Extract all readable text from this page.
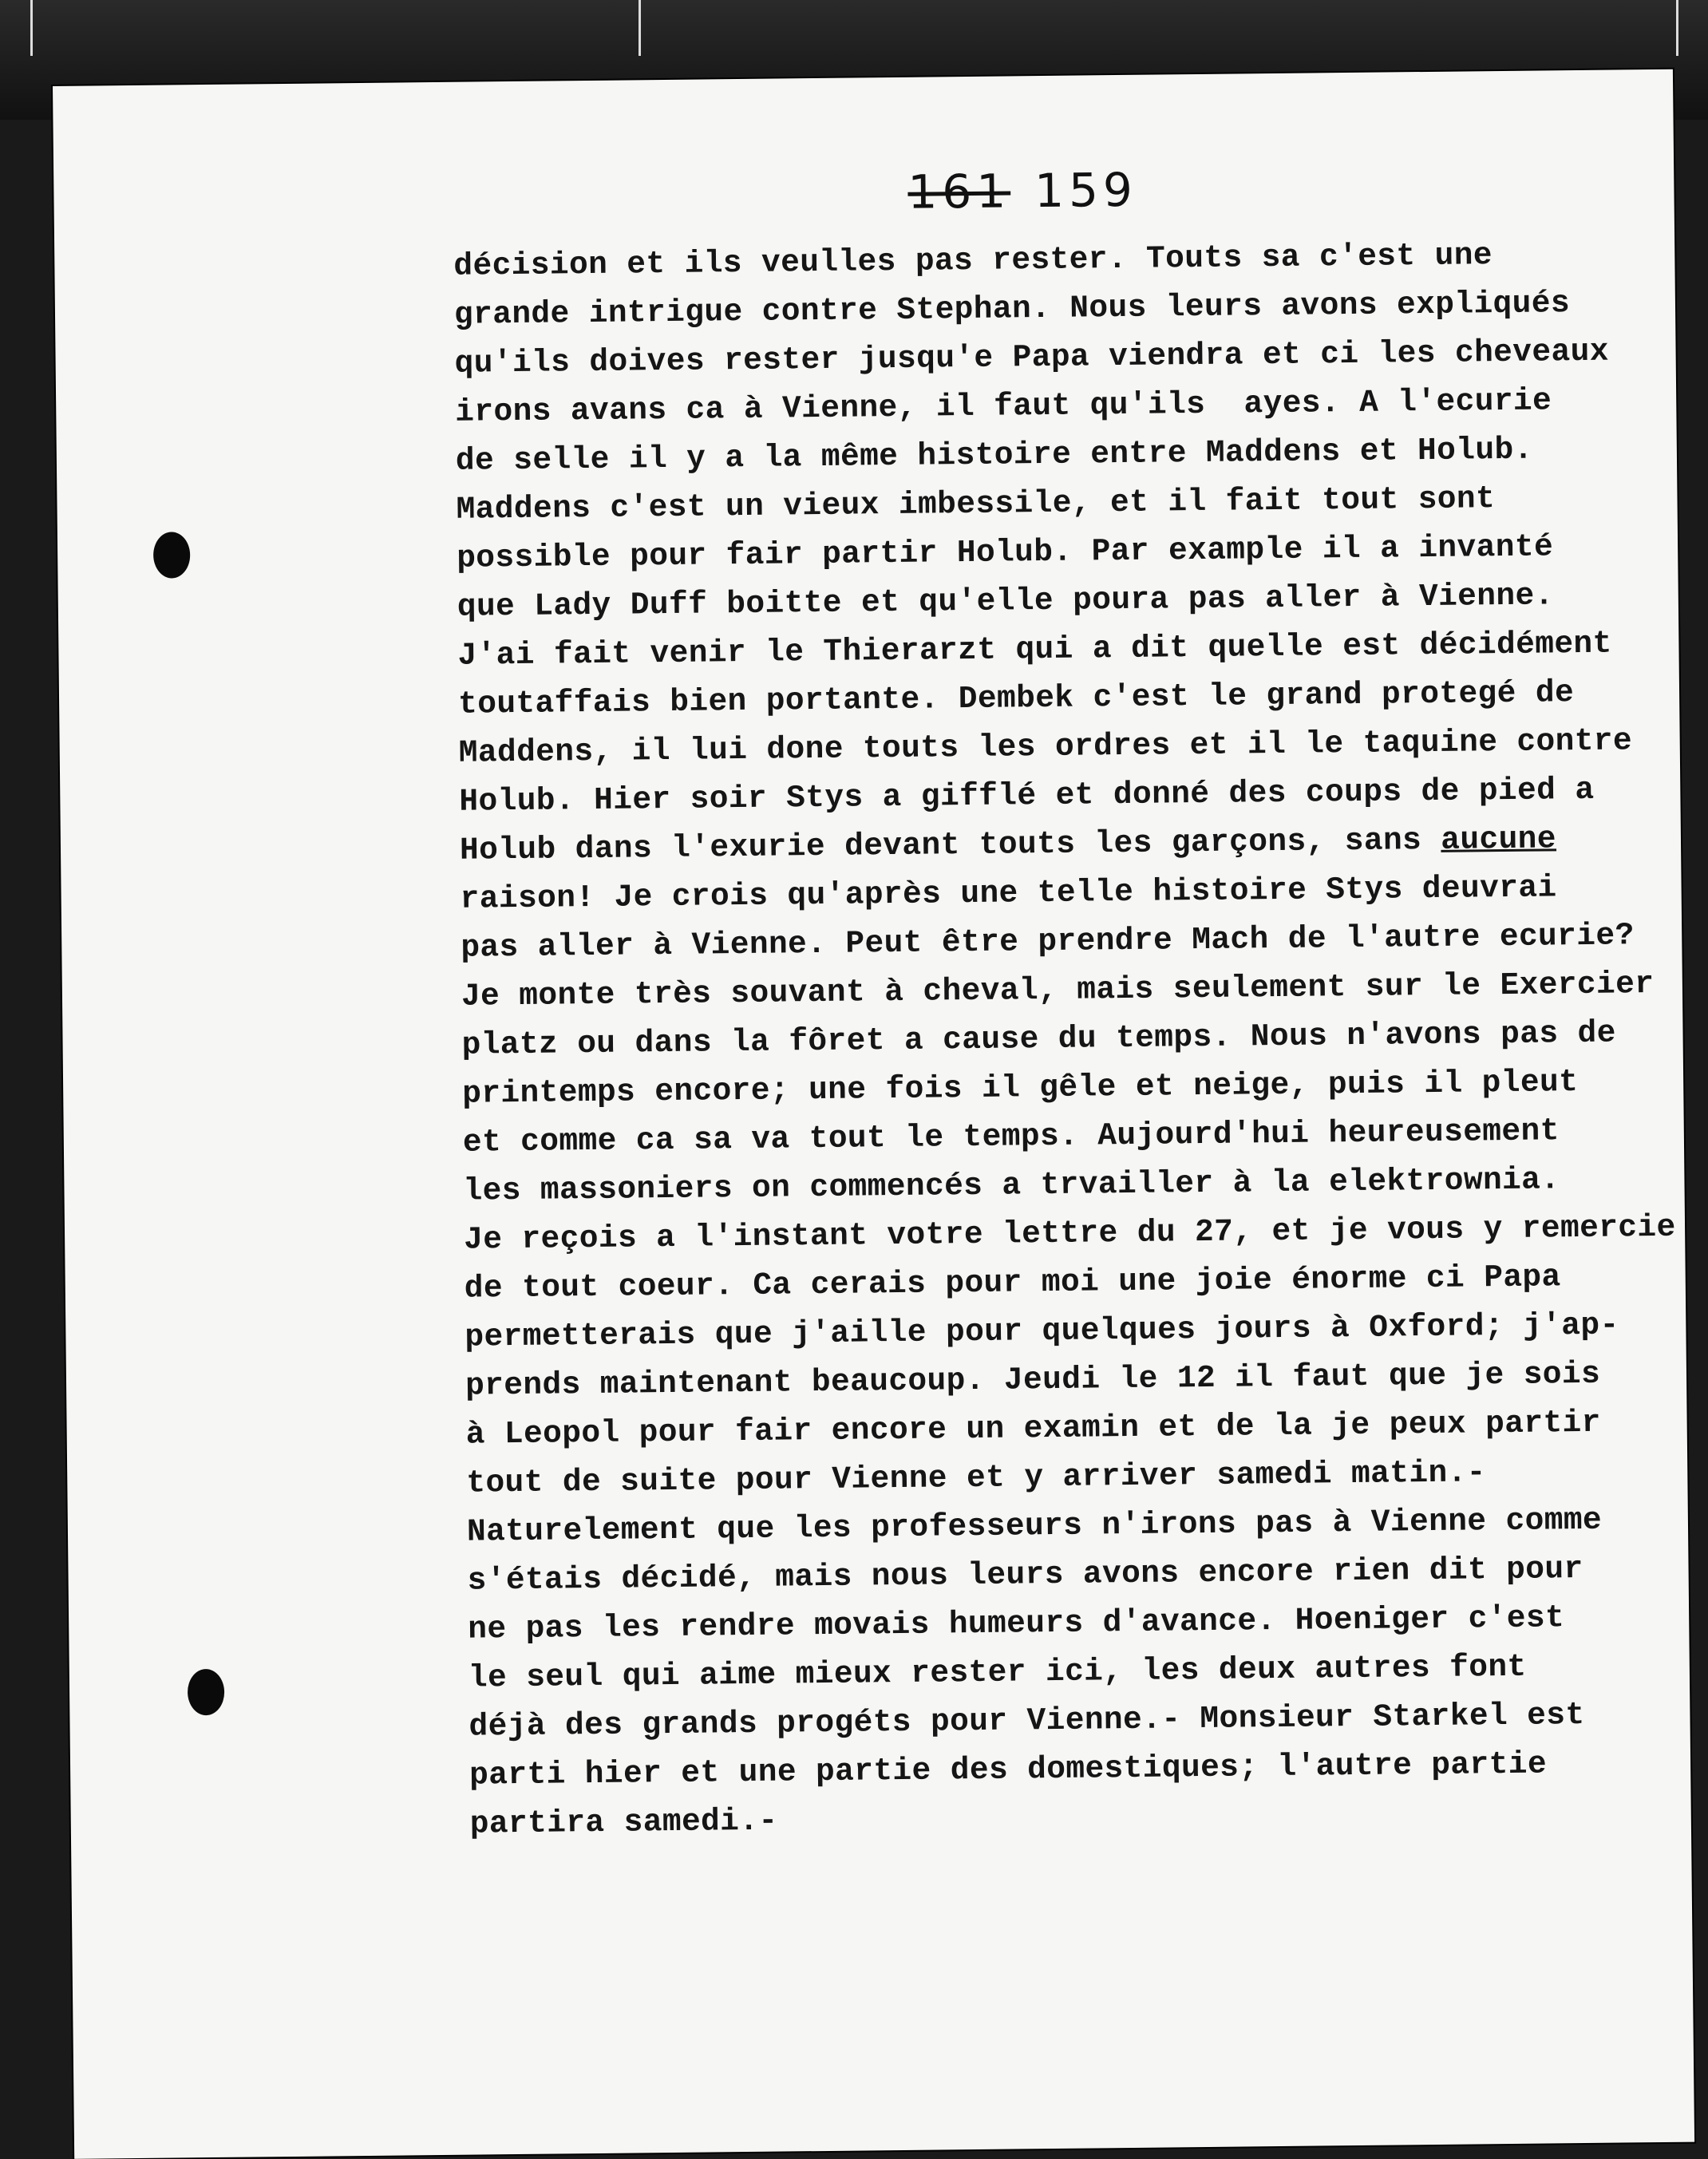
161 159
décision et ils veulles pas rester. Touts sa c'est une
grande intrigue contre Stephan. Nous leurs avons expliqués
qu'ils doives rester jusqu'e Papa viendra et ci les cheveaux
irons avans ca à Vienne, il faut qu'ils  ayes. A l'ecurie
de selle il y a la même histoire entre Maddens et Holub.
Maddens c'est un vieux imbessile, et il fait tout sont
possible pour fair partir Holub. Par example il a invanté
que Lady Duff boitte et qu'elle poura pas aller à Vienne.
J'ai fait venir le Thierarzt qui a dit quelle est décidément
toutaffais bien portante. Dembek c'est le grand protegé de
Maddens, il lui done touts les ordres et il le taquine contre
Holub. Hier soir Stys a gifflé et donné des coups de pied a
Holub dans l'exurie devant touts les garçons, sans aucune
raison! Je crois qu'après une telle histoire Stys deuvrai
pas aller à Vienne. Peut être prendre Mach de l'autre ecurie?
Je monte très souvant à cheval, mais seulement sur le Exercier
platz ou dans la fôret a cause du temps. Nous n'avons pas de
printemps encore; une fois il gêle et neige, puis il pleut
et comme ca sa va tout le temps. Aujourd'hui heureusement
les massoniers on commencés a trvailler à la elektrownia.
Je reçois a l'instant votre lettre du 27, et je vous y remercie
de tout coeur. Ca cerais pour moi une joie énorme ci Papa
permetterais que j'aille pour quelques jours à Oxford; j'ap-
prends maintenant beaucoup. Jeudi le 12 il faut que je sois
à Leopol pour fair encore un examin et de la je peux partir
tout de suite pour Vienne et y arriver samedi matin.-
Naturelement que les professeurs n'irons pas à Vienne comme
s'étais décidé, mais nous leurs avons encore rien dit pour
ne pas les rendre movais humeurs d'avance. Hoeniger c'est
le seul qui aime mieux rester ici, les deux autres font
déjà des grands progéts pour Vienne.- Monsieur Starkel est
parti hier et une partie des domestiques; l'autre partie
partira samedi.-
